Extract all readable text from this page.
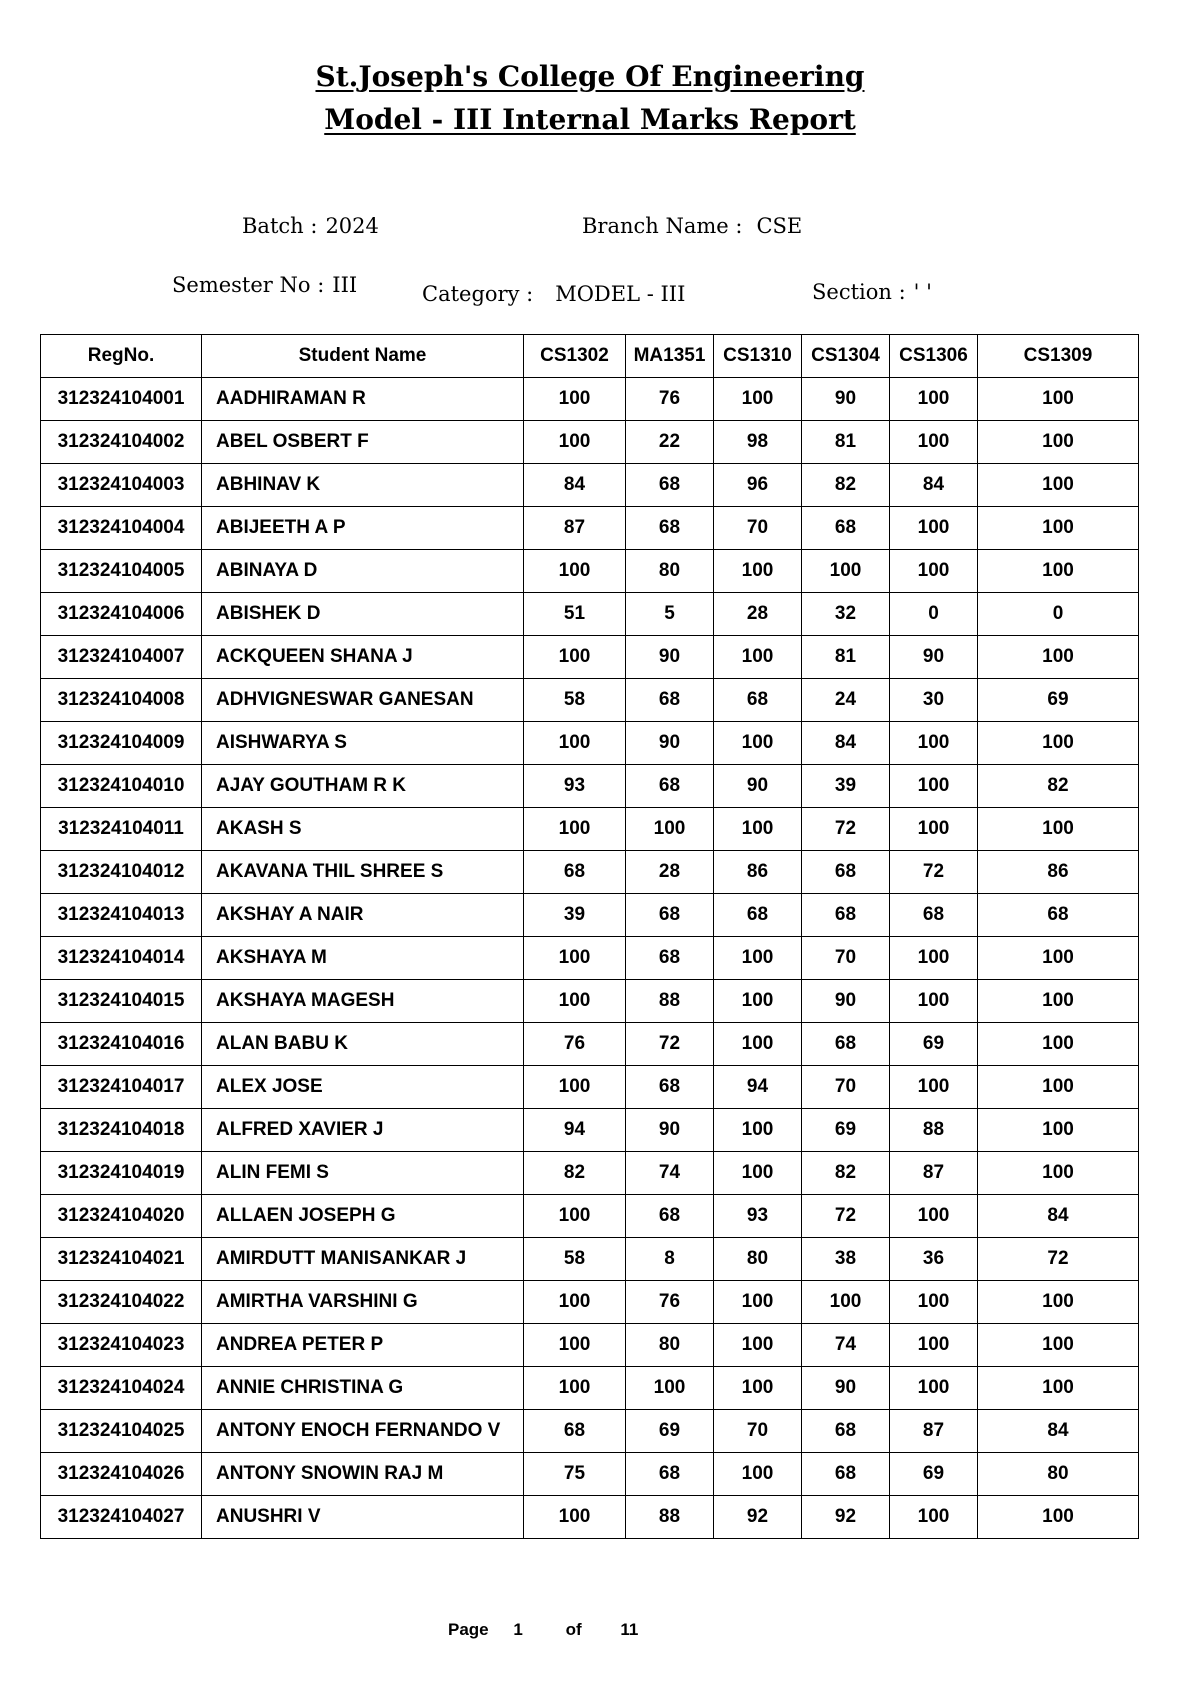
St.Joseph's College Of Engineering
Model - III Internal Marks Report
Batch : 2024	Branch Name : CSE
Semester No : III	Category : MODEL - III	Section : ' '
RegNo.	Student Name	CS1302	MA1351	CS1310	CS1304	CS1306	CS1309
312324104001	AADHIRAMAN R	100	76	100	90	100	100
312324104002	ABEL OSBERT F	100	22	98	81	100	100
312324104003	ABHINAV K	84	68	96	82	84	100
312324104004	ABIJEETH A P	87	68	70	68	100	100
312324104005	ABINAYA D	100	80	100	100	100	100
312324104006	ABISHEK D	51	5	28	32	0	0
312324104007	ACKQUEEN SHANA J	100	90	100	81	90	100
312324104008	ADHVIGNESWAR GANESAN	58	68	68	24	30	69
312324104009	AISHWARYA S	100	90	100	84	100	100
312324104010	AJAY GOUTHAM R K	93	68	90	39	100	82
312324104011	AKASH S	100	100	100	72	100	100
312324104012	AKAVANA THIL SHREE S	68	28	86	68	72	86
312324104013	AKSHAY A NAIR	39	68	68	68	68	68
312324104014	AKSHAYA M	100	68	100	70	100	100
312324104015	AKSHAYA MAGESH	100	88	100	90	100	100
312324104016	ALAN BABU K	76	72	100	68	69	100
312324104017	ALEX JOSE	100	68	94	70	100	100
312324104018	ALFRED XAVIER J	94	90	100	69	88	100
312324104019	ALIN FEMI S	82	74	100	82	87	100
312324104020	ALLAEN JOSEPH G	100	68	93	72	100	84
312324104021	AMIRDUTT MANISANKAR J	58	8	80	38	36	72
312324104022	AMIRTHA VARSHINI G	100	76	100	100	100	100
312324104023	ANDREA PETER P	100	80	100	74	100	100
312324104024	ANNIE CHRISTINA G	100	100	100	90	100	100
312324104025	ANTONY ENOCH FERNANDO V	68	69	70	68	87	84
312324104026	ANTONY SNOWIN RAJ M	75	68	100	68	69	80
312324104027	ANUSHRI V	100	88	92	92	100	100
Page 1	of 11
